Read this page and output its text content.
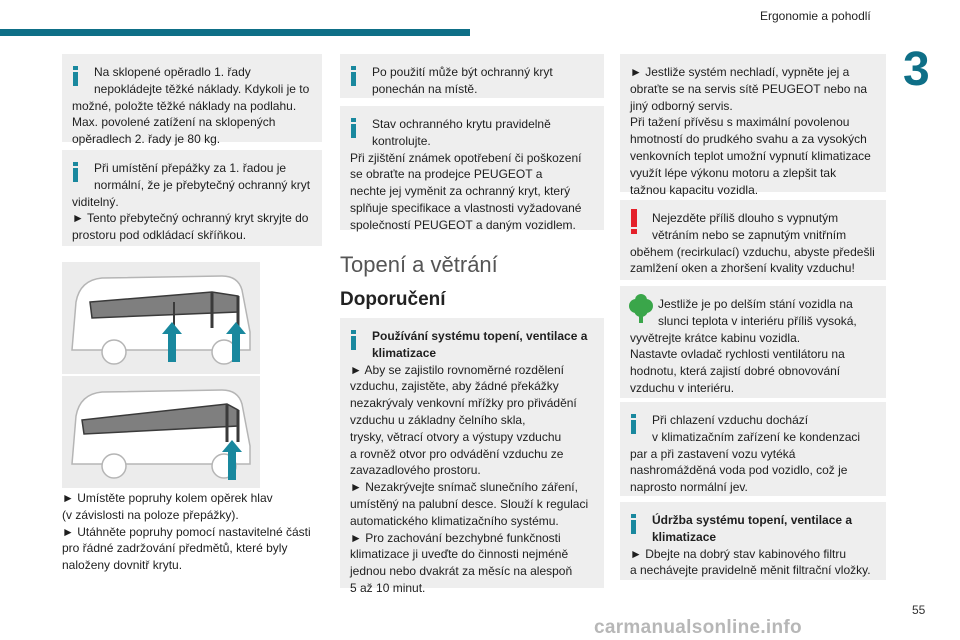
Ergonomie a pohodlí
3

Na sklopené opěradlo 1. řady

nepokládejte těžké náklady. Kdykoli je to

možné, položte těžké náklady na podlahu.

Max. povolené zatížení na sklopených

opěradlech 2. řady je 80 kg.

Při umístění přepážky za 1. řadou je

normální, že je přebytečný ochranný kryt

viditelný.

► Tento přebytečný ochranný kryt skryjte do

prostoru pod odkládací skříňkou.

► Umístěte popruhy kolem opěrek hlav

(v závislosti na poloze přepážky).

► Utáhněte popruhy pomocí nastavitelné části

pro řádné zadržování předmětů, které byly

naloženy dovnitř krytu.

Po použití může být ochranný kryt

ponechán na místě.

Stav ochranného krytu pravidelně

kontrolujte.

Při zjištění známek opotřebení či poškození

se obraťte na prodejce PEUGEOT a

nechte jej vyměnit za ochranný kryt, který

splňuje specifikace a vlastnosti vyžadované

společností PEUGEOT a daným vozidlem.

Topení a větrání
Doporučení

Používání systému topení, ventilace a

klimatizace

► Aby se zajistilo rovnoměrné rozdělení

vzduchu, zajistěte, aby žádné překážky

nezakrývaly venkovní mřížky pro přivádění

vzduchu u základny čelního skla,

trysky, větrací otvory a výstupy vzduchu

a rovněž otvor pro odvádění vzduchu ze

zavazadlového prostoru.

► Nezakrývejte snímač slunečního záření,

umístěný na palubní desce. Slouží k regulaci

automatického klimatizačního systému.

► Pro zachování bezchybné funkčnosti

klimatizace ji uveďte do činnosti nejméně

jednou nebo dvakrát za měsíc na alespoň

5 až 10 minut.

► Jestliže systém nechladí, vypněte jej a

obraťte se na servis sítě PEUGEOT nebo na

jiný odborný servis.

Při tažení přívěsu s maximální povolenou

hmotností do prudkého svahu a za vysokých

venkovních teplot umožní vypnutí klimatizace

využít lépe výkonu motoru a zlepšit tak

tažnou kapacitu vozidla.

Nejezděte příliš dlouho s vypnutým

větráním nebo se zapnutým vnitřním

oběhem (recirkulací) vzduchu, abyste předešli

zamlžení oken a zhoršení kvality vzduchu!

Jestliže je po delším stání vozidla na

slunci teplota v interiéru příliš vysoká,

vyvětrejte krátce kabinu vozidla.

Nastavte ovladač rychlosti ventilátoru na

hodnotu, která zajistí dobré obnovování

vzduchu v interiéru.

Při chlazení vzduchu dochází

v klimatizačním zařízení ke kondenzaci

par a při zastavení vozu vytéká

nashromážděná voda pod vozidlo, což je

naprosto normální jev.

Údržba systému topení, ventilace a

klimatizace

► Dbejte na dobrý stav kabinového filtru

a nechávejte pravidelně měnit filtrační vložky.

55
carmanualsonline.info
